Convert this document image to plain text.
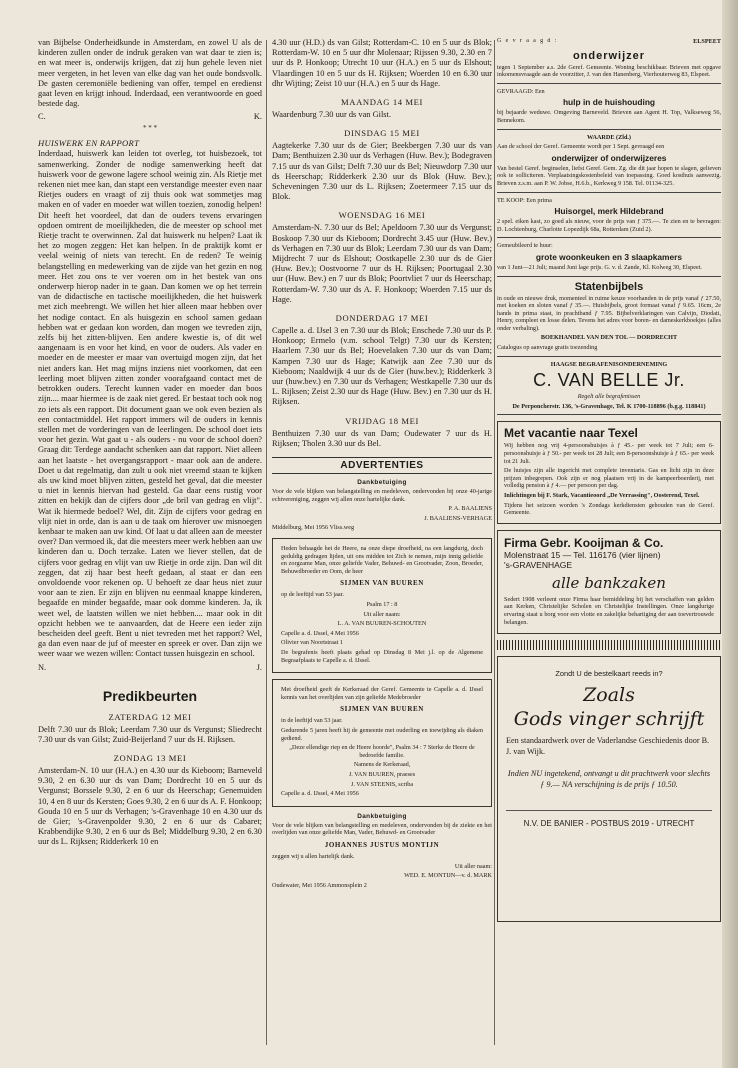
van Bijbelse Onderheidkunde in Amsterdam, en zowel U als de kinderen zullen onder de indruk geraken van wat daar te zien is; en wat meer is, onderwijs krijgen, dat zij hun gehele leven niet meer vergeten, in het leven van elke dag van het oude bondsvolk. De gasten ceremoniële bediening van offer, tempel en eredienst gaat leven en krijgt inhoud. Inderdaad, een verantwoorde en goed bestede dag.

C.	K.
* * *
HUISWERK EN RAPPORT

Inderdaad, huiswerk kan leiden tot overleg, tot huisbezoek, tot samenwerking. Zonder de nodige samenwerking heeft dat huiswerk voor de gewone lagere school weinig zin. Als Rietje met rekenen niet mee kan, dan stapt een verstandige meester even naar Rietjes ouders en vraagt of zij thuis ook wat sommetjes mag maken en of vader en moeder wat willen toezien, zonodig helpen! Dit heeft het voordeel, dat dan de ouders tevens ervaringen opdoen omtrent de moeilijkheden, die de meester op school met Rietje tracht te overwinnen. Zal dat huiswerk nu helpen? Laat ik het zo mogen zeggen: Het kan helpen. In de praktijk komt er veelal weinig of niets van terecht. En de reden? Te weinig belangstelling en medewerking van de zijde van het gezin en nog meer. Het zou ons te ver voeren om in het bestek van ons onderwerp hierop nader in te gaan. Dan komen we op het terrein van de didactische en tactische moeilijkheden, die het huiswerk met zich meebrengt. We willen het hier alleen maar hebben over het nodige contact. En als huisgezin en school samen gedaan hebben wat er gedaan kon worden, dan mogen we tevreden zijn, zelfs bij het zitten-blijven. Een andere kwestie is, of dit wel aangenaam is en voor het kind, en voor de ouders. Als vader en moeder en de meester er maar van overtuigd mogen zijn, dat het niet anders kan. Het mag mijns inziens niet voorkomen, dat een leerling moet blijven zitten zonder voorafgaand contact met de betrokken ouders. Terecht kunnen vader en moeder dan boos zijn.... maar hiermee is de zaak niet gered. Er bestaat toch ook nog zo iets als een rapport. Dit document gaan we ook even bezien als een contactmiddel. Het rapport immers wil de ouders in kennis stellen met de vorderingen van de leerlingen. De school doet iets voor het gezin. Wat gaat u - als ouders - nu voor de school doen? Graag dit: Terdege aandacht schenken aan dat rapport. Niet alleen aan het laatste - het overgangsrapport - maar ook aan de andere. Doet u dat regelmatig, dan zult u ook niet vreemd staan te kijken als uw kind moet blijven zitten, gesteld het geval, dat die meester u niet in kennis hiervan had gesteld. Ga daar eens rustig voor zitten en bekijk dan de cijfers door „de bril van gedrag en vlijt". Wat ik hiermede bedoel? Wel, dit. Zijn de cijfers voor gedrag en vlijt niet in orde, dan is aan u de taak om hierover uw misnoegen kenbaar te maken aan uw kind. Of laat u dat alleen aan de meester over? Dan vermoed ik, dat die meesters meer werk hebben aan uw kinderen dan u. Doch terzake. Laten we liever stellen, dat de cijfers voor gedrag en vlijt van uw Rietje in orde zijn. Dan wil dit zeggen, dat zij haar best heeft gedaan, al staat er dan een onvoldoende voor rekenen op. U behoeft ze daar heus niet zuur voor aan te zien. Er zijn en blijven nu eenmaal knappe kinderen, begaafde en minder begaafde, maar ook domme kinderen. Ja, ik weet wel, de laatsten willen we niet hebben.... maar ook in dit opzicht hebben we te aanvaarden, dat de Heere een ieder zijn bescheiden deel geeft. Bent u niet tevreden met het rapport? Wel, ga dan even naar de juf of meester en spreek er over. Dan zijn we weer waar we wezen willen: Contact tussen huisgezin en school.

N.	J.
Predikbeurten
ZATERDAG 12 MEI

Delft 7.30 uur ds Blok; Leerdam 7.30 uur ds Vergunst; Sliedrecht 7.30 uur ds van Gilst; Zuid-Beijerland 7 uur ds H. Rijksen.

ZONDAG 13 MEI

Amsterdam-N. 10 uur (H.A.) en 4.30 uur ds Kieboom; Barneveld 9.30, 2 en 6.30 uur ds van Dam; Dordrecht 10 en 5 uur ds Vergunst; Borssele 9.30, 2 en 6 uur ds Heerschap; Genemuiden 10, 4 en 8 uur ds Kersten; Goes 9.30, 2 en 6 uur ds A. F. Honkoop; Gouda 10 en 5 uur ds Verhagen; 's-Gravenhage 10 en 4.30 uur ds de Gier; 's-Gravenpolder 9.30, 2 en 6 uur ds Cabaret; Krabbendijke 9.30, 2 en 6 uur ds Bel; Middelburg 9.30, 2 en 6.30 uur ds L. Rijksen; Ridderkerk 10 en

4.30 uur (H.D.) ds van Gilst; Rotterdam-C. 10 en 5 uur ds Blok; Rotterdam-W. 10 en 5 uur dhr Molenaar; Rijssen 9.30, 2.30 en 7 uur ds P. Honkoop; Utrecht 10 uur (H.A.) en 5 uur ds Elshout; Vlaardingen 10 en 5 uur ds H. Rijksen; Woerden 10 en 6.30 uur dhr Wijting; Zeist 10 uur (H.A.) en 5 uur ds Hage.

MAANDAG 14 MEI

Waardenburg 7.30 uur ds van Gilst.

DINSDAG 15 MEI

Aagtekerke 7.30 uur ds de Gier; Beekbergen 7.30 uur ds van Dam; Benthuizen 2.30 uur ds Verhagen (Huw. Bev.); Bodegraven 7.15 uur ds van Gilst; Delft 7.30 uur ds Bel; Nieuwdorp 7.30 uur ds Heerschap; Ridderkerk 2.30 uur ds Blok (Huw. Bev.); Scheveningen 7.30 uur ds L. Rijksen; Zoetermeer 7.15 uur ds Blok.

WOENSDAG 16 MEI

Amsterdam-N. 7.30 uur ds Bel; Apeldoorn 7.30 uur ds Vergunst; Boskoop 7.30 uur ds Kieboom; Dordrecht 3.45 uur (Huw. Bev.) ds Verhagen en 7.30 uur ds Blok; Leerdam 7.30 uur ds van Dam; Mijdrecht 7 uur ds Elshout; Oostkapelle 2.30 uur ds de Gier (Huw. Bev.); Oostvoorne 7 uur ds H. Rijksen; Poortugaal 2.30 uur (Huw. Bev.) en 7 uur ds Blok; Poortvliet 7 uur ds Heerschap; Rotterdam-W. 7.30 uur ds A. F. Honkoop; Woerden 7.15 uur ds Hage.

DONDERDAG 17 MEI

Capelle a. d. IJsel 3 en 7.30 uur ds Blok; Enschede 7.30 uur ds P. Honkoop; Ermelo (v.m. school Telgt) 7.30 uur ds Kersten; Haarlem 7.30 uur ds Bel; Hoevelaken 7.30 uur ds van Dam; Kampen 7.30 uur ds Hage; Katwijk aan Zee 7.30 uur ds Kieboom; Naaldwijk 4 uur ds de Gier (huw.bev.); Ridderkerk 3 uur (huw.bev.) en 7.30 uur ds Verhagen; Westkapelle 7.30 uur ds L. Rijksen; Zeist 2.30 uur ds Hage (Huw. Bev.) en 7.30 uur ds H. Rijksen.

VRIJDAG 18 MEI

Benthuizen 7.30 uur ds van Dam; Oudewater 7 uur ds H. Rijksen; Tholen 3.30 uur ds Bel.

ADVERTENTIES
Dankbetuiging

Voor de vele blijken van belangstelling en medeleven, ondervonden bij onze 40-jarige echtvereniging, zeggen wij allen onze hartelijke dank.

P. A. BAALIENS
J. BAALIENS-VERHAGE
Middelburg, Mei 1956 Vliss.weg

Heden behaagde het de Heere, na onze diepe droefheid, na een langdurig, doch geduldig gedragen lijden, uit ons midden tot Zich te nemen, mijn innig geliefde en zorgzame Man, onze geliefde Vader, Behuwd- en Grootvader, Zoon, Broeder, Behuwdbroeder en Oom, de heer

SIJMEN VAN BUUREN

op de leeftijd van 53 jaar.

Psalm 17 : 8

Uit aller naam:

L. A. VAN BUUREN-SCHOUTEN

Capelle a. d. IJssel, 4 Mei 1956

Olivier van Noortstraat 1

De begrafenis heeft plaats gehad op Dinsdag 8 Mei j.l. op de Algemene Begraafplaats te Capelle a. d. IJssel.

Met droefheid geeft de Kerkeraad der Geref. Gemeente te Capelle a. d. IJssel kennis van het overlijden van zijn geliefde Medebroeder

SIJMEN VAN BUUREN

in de leeftijd van 53 jaar.

Gedurende 5 jaren heeft hij de gemeente met ouderling en toewijding als diaken gediend.

„Deze ellendige riep en de Heere hoorde", Psalm 34 : 7 Sterke de Heere de bedroefde familie.

Namens de Kerkeraad,

J. VAN BUUREN, praeses

J. VAN STEENIS, scriba

Capelle a. d. IJssel, 4 Mei 1956

Dankbetuiging

Voor de vele blijken van belangstelling en medeleven, ondervonden bij de ziekte en het overlijden van onze geliefde Man, Vader, Behuwd- en Grootvader

JOHANNES JUSTUS MONTIJN

zeggen wij u allen hartelijk dank.

Uit aller naam:

WED. E. MONTIJN—v. d. MARK

Oudewater, Mei 1956 Ammonsplein 2

G e v r a a g d :	ELSPEET
onderwijzer

tegen 1 September a.s. 2de Geref. Gemeente. Woning beschikbaar. Brieven met opgave inkomensvraagde aan de voorzitter, J. van den Hanenberg, Vierhouterweg 83, Elspeet.

GEVRAAGD: Een
hulp in de huishouding

bij bejaarde weduwe. Omgeving Barneveld. Brieven aan Agent H. Top, Valkseweg 56, Bennekom.

WAARDE (Zld.)

Aan de school der Geref. Gemeente wordt per 1 Sept. gevraagd een

onderwijzer of onderwijzeres

Van bestel Geref. beginselen, liefst Geref. Gem. Zg. die dit jaar hopen te slagen, gelieven ook te solliciteren. Verplaatsingskostenbeleid van toepassing. Goed kosthuis aanwezig. Brieven z.s.m. aan P. W. Jobse, H.6.b., Kerkweg 9 158. Tel. 01134-325.

TE KOOP: Een prima
Huisorgel, merk Hildebrand

2 spel. eiken kast, zo goed als nieuw, voor de prijs van ƒ 375.—. Te zien en te bevragen: D. Lochtenburg, Charlotte Lopezdijk 68a, Rotterdam (Zuid 2).

Gemeubileerd te huur:
grote woonkeuken en 3 slaapkamers

van 1 Juni—21 Juli; maand Juni lage prijs. G. v. d. Zande, Kl. Kolweg 30, Elspeet.

Statenbijbels

in oude en nieuwe druk, momenteel in ruime keuze voorhanden in de prijs vanaf ƒ 27.50, met koeken en sloten vanaf ƒ 35.—. Huisbijbels, groot formaat vanaf ƒ 9.65. 16cm, 2e hands in prima staat, in prachtband ƒ 7.95. Bijbelverklaringen van Calvijn, Diodati, Henry, compleet en losse delen. Tevens het adres voor boren- en dameskerkboekjes (alles onder verbaling).

BOEKHANDEL VAN DEN TOL — DORDRECHT
Catalogus op aanvrage gratis toezending
HAAGSE BEGRAFENISONDERNEMING
C. VAN BELLE Jr.
Regelt alle begrafenissen
De Perponcherstr. 136, 's-Gravenhage, Tel. K 1700-118896 (b.g.g. 118841)
Met vacantie naar Texel

Wij hebben nog vrij 4-persoonshuisjes à ƒ 45.- per week tot 7 Juli; een 6-persoonshuisje à ƒ 50.- per week tot 28 Juli; een 8-persoonshuisje à ƒ 65.- per week tot 21 Juli.

De huisjes zijn alle ingericht met complete inventaris. Gas en licht zijn in deze prijzen inbegrepen. Ook zijn er nog plaatsen vrij in de kampeerboerderij, met volledig pension à ƒ 4.— per persoon per dag.

Inlichtingen bij F. Stark, Vacantieoord „De Verrassing", Oosterend, Texel.

Tijdens het seizoen worden 's Zondags kerkdiensten gehouden van de Geref. Gemeente.

Firma Gebr. Kooijman & Co.
Molenstraat 15 — Tel. 116176 (vier lijnen)
's-GRAVENHAGE
alle bankzaken

Sedert 1908 verleent onze Firma haar bemiddeling bij het verschaffen van gelden aan Kerken, Christelijke Scholen en Christelijke Instellingen. Onze langdurige ervaring staat u borg voor een vlotte en zakelijke behartiging der aan toevertrouwde belangen.

Zondt U de bestelkaart reeds in?
Zoals
Gods vinger schrijft
Een standaardwerk over de Vaderlandse Geschiedenis door B. J. van Wijk.
Indien NU ingetekend, ontvangt u dit prachtwerk voor slechts ƒ 9.— NA verschijning is de prijs ƒ 10.50.
N.V. DE BANIER - POSTBUS 2019 - UTRECHT
